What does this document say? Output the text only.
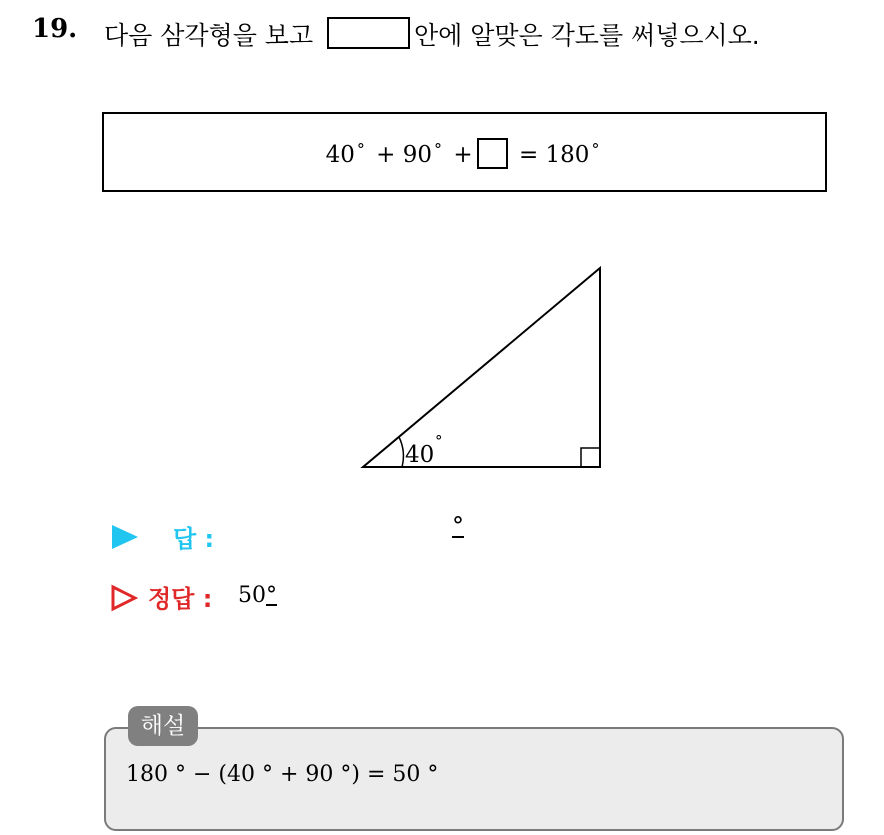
19. 다음 삼각형을 보고	안에 알맞은 각도를 써넣으시오.
40 ° + 90 ° + = 180 °
40
°
답 :	°
정답 : 50°
해설
180 ° − (40 ° + 90 °) = 50 °
